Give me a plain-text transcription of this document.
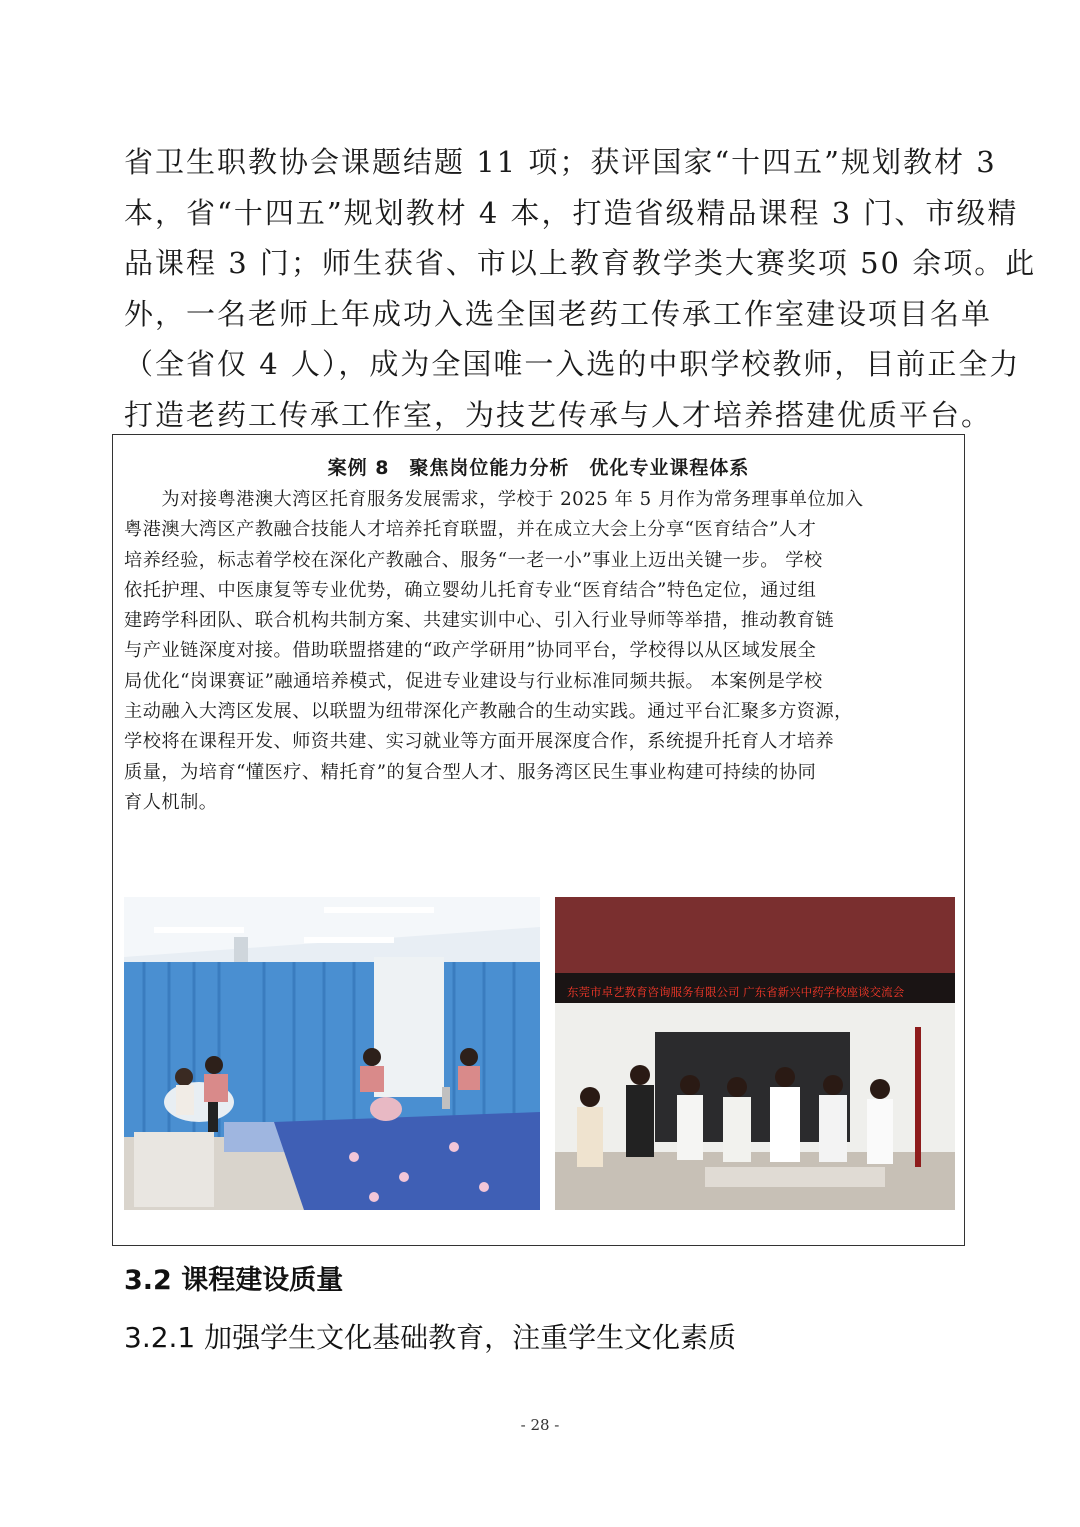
省卫生职教协会课题结题 11 项；获评国家“十四五”规划教材 3
本，省“十四五”规划教材 4 本，打造省级精品课程 3 门、市级精
品课程 3 门；师生获省、市以上教育教学类大赛奖项 50 余项。此
外，一名老师上年成功入选全国老药工传承工作室建设项目名单
（全省仅 4 人），成为全国唯一入选的中职学校教师，目前正全力
打造老药工传承工作室，为技艺传承与人才培养搭建优质平台。
案例 8　聚焦岗位能力分析　优化专业课程体系
　　为对接粤港澳大湾区托育服务发展需求，学校于 2025 年 5 月作为常务理事单位加入
粤港澳大湾区产教融合技能人才培养托育联盟，并在成立大会上分享“医育结合”人才
培养经验，标志着学校在深化产教融合、服务“一老一小”事业上迈出关键一步。 学校
依托护理、中医康复等专业优势，确立婴幼儿托育专业“医育结合”特色定位，通过组
建跨学科团队、联合机构共制方案、共建实训中心、引入行业导师等举措，推动教育链
与产业链深度对接。借助联盟搭建的“政产学研用”协同平台，学校得以从区域发展全
局优化“岗课赛证”融通培养模式，促进专业建设与行业标准同频共振。 本案例是学校
主动融入大湾区发展、以联盟为纽带深化产教融合的生动实践。通过平台汇聚多方资源，
学校将在课程开发、师资共建、实习就业等方面开展深度合作，系统提升托育人才培养
质量，为培育“懂医疗、精托育”的复合型人才、服务湾区民生事业构建可持续的协同
育人机制。
东莞市卓艺教育咨询服务有限公司 广东省新兴中药学校座谈交流会
3.2 课程建设质量
3.2.1 加强学生文化基础教育，注重学生文化素质
- 28 -
